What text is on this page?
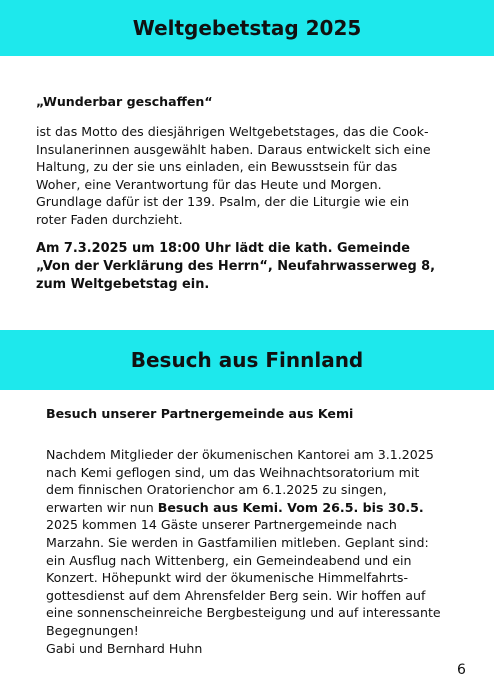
Weltgebetstag 2025
„Wunderbar geschaffen“
ist das Motto des diesjährigen Weltgebetstages, das die Cook-
Insulanerinnen ausgewählt haben. Daraus entwickelt sich eine
Haltung, zu der sie uns einladen, ein Bewusstsein für das
Woher, eine Verantwortung für das Heute und Morgen.
Grundlage dafür ist der 139. Psalm, der die Liturgie wie ein
roter Faden durchzieht.
Am 7.3.2025 um 18:00 Uhr lädt die kath. Gemeinde
„Von der Verklärung des Herrn“, Neufahrwasserweg 8,
zum Weltgebetstag ein.
Besuch aus Finnland
Besuch unserer Partnergemeinde aus Kemi
Nachdem Mitglieder der ökumenischen Kantorei am 3.1.2025
nach Kemi geflogen sind, um das Weihnachtsoratorium mit
dem finnischen Oratorienchor am 6.1.2025 zu singen,
erwarten wir nun Besuch aus Kemi. Vom 26.5. bis 30.5.
2025 kommen 14 Gäste unserer Partnergemeinde nach
Marzahn. Sie werden in Gastfamilien mitleben. Geplant sind:
ein Ausflug nach Wittenberg, ein Gemeindeabend und ein
Konzert. Höhepunkt wird der ökumenische Himmelfahrts-
gottesdienst auf dem Ahrensfelder Berg sein. Wir hoffen auf
eine sonnenscheinreiche Bergbesteigung und auf interessante
Begegnungen!
Gabi und Bernhard Huhn
6
